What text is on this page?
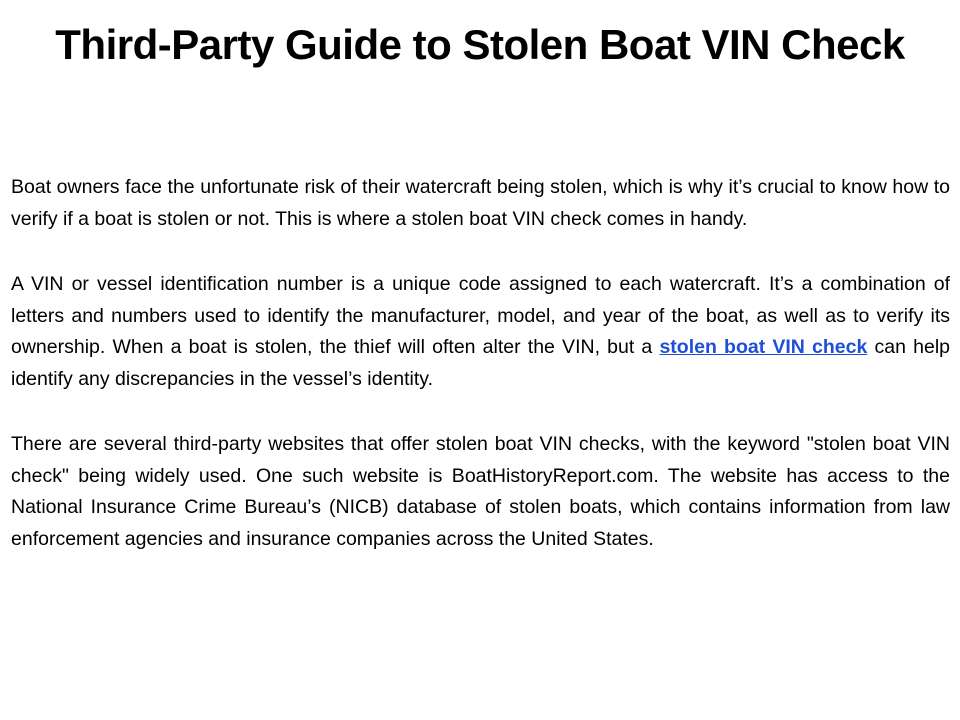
Third-Party Guide to Stolen Boat VIN Check

Boat owners face the unfortunate risk of their watercraft being stolen, which is why it’s crucial to know how to verify if a boat is stolen or not. This is where a stolen boat VIN check comes in handy.

A VIN or vessel identification number is a unique code assigned to each watercraft. It’s a combination of letters and numbers used to identify the manufacturer, model, and year of the boat, as well as to verify its ownership. When a boat is stolen, the thief will often alter the VIN, but a stolen boat VIN check can help identify any discrepancies in the vessel’s identity.

There are several third-party websites that offer stolen boat VIN checks, with the keyword "stolen boat VIN check" being widely used. One such website is BoatHistoryReport.com. The website has access to the National Insurance Crime Bureau’s (NICB) database of stolen boats, which contains information from law enforcement agencies and insurance companies across the United States.
